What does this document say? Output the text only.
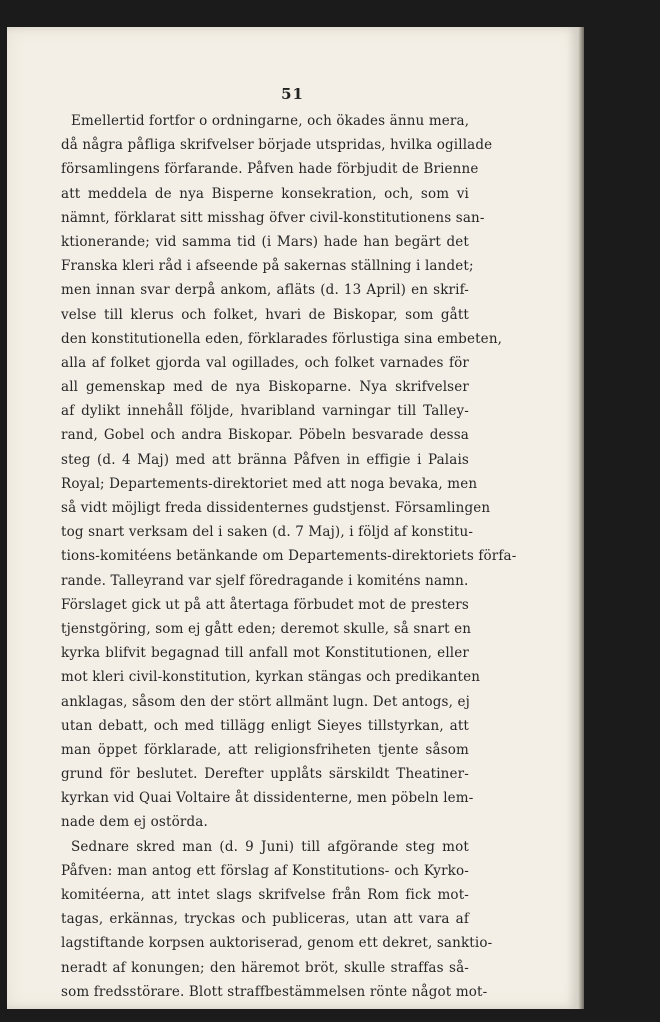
51
Emellertid fortfor o ordningarne, och ökades ännu mera,
då några påfliga skrifvelser började utspridas, hvilka ogillade
församlingens förfarande. Påfven hade förbjudit de Brienne
att meddela de nya Bisperne konsekration, och, som vi
nämnt, förklarat sitt misshag öfver civil-konstitutionens san-
ktionerande; vid samma tid (i Mars) hade han begärt det
Franska kleri råd i afseende på sakernas ställning i landet;
men innan svar derpå ankom, afläts (d. 13 April) en skrif-
velse till klerus och folket, hvari de Biskopar, som gått
den konstitutionella eden, förklarades förlustiga sina embeten,
alla af folket gjorda val ogillades, och folket varnades för
all gemenskap med de nya Biskoparne. Nya skrifvelser
af dylikt innehåll följde, hvaribland varningar till Talley-
rand, Gobel och andra Biskopar. Pöbeln besvarade dessa
steg (d. 4 Maj) med att bränna Påfven in effigie i Palais
Royal; Departements-direktoriet med att noga bevaka, men
så vidt möjligt freda dissidenternes gudstjenst. Församlingen
tog snart verksam del i saken (d. 7 Maj), i följd af konstitu-
tions-komitéens betänkande om Departements-direktoriets förfa-
rande. Talleyrand var sjelf föredragande i komiténs namn.
Förslaget gick ut på att återtaga förbudet mot de presters
tjenstgöring, som ej gått eden; deremot skulle, så snart en
kyrka blifvit begagnad till anfall mot Konstitutionen, eller
mot kleri civil-konstitution, kyrkan stängas och predikanten
anklagas, såsom den der stört allmänt lugn. Det antogs, ej
utan debatt, och med tillägg enligt Sieyes tillstyrkan, att
man öppet förklarade, att religionsfriheten tjente såsom
grund för beslutet. Derefter upplåts särskildt Theatiner-
kyrkan vid Quai Voltaire åt dissidenterne, men pöbeln lem-
nade dem ej ostörda.
Sednare skred man (d. 9 Juni) till afgörande steg mot
Påfven: man antog ett förslag af Konstitutions- och Kyrko-
komitéerna, att intet slags skrifvelse från Rom fick mot-
tagas, erkännas, tryckas och publiceras, utan att vara af
lagstiftande korpsen auktoriserad, genom ett dekret, sanktio-
neradt af konungen; den häremot bröt, skulle straffas så-
som fredsstörare. Blott straffbestämmelsen rönte något mot-
